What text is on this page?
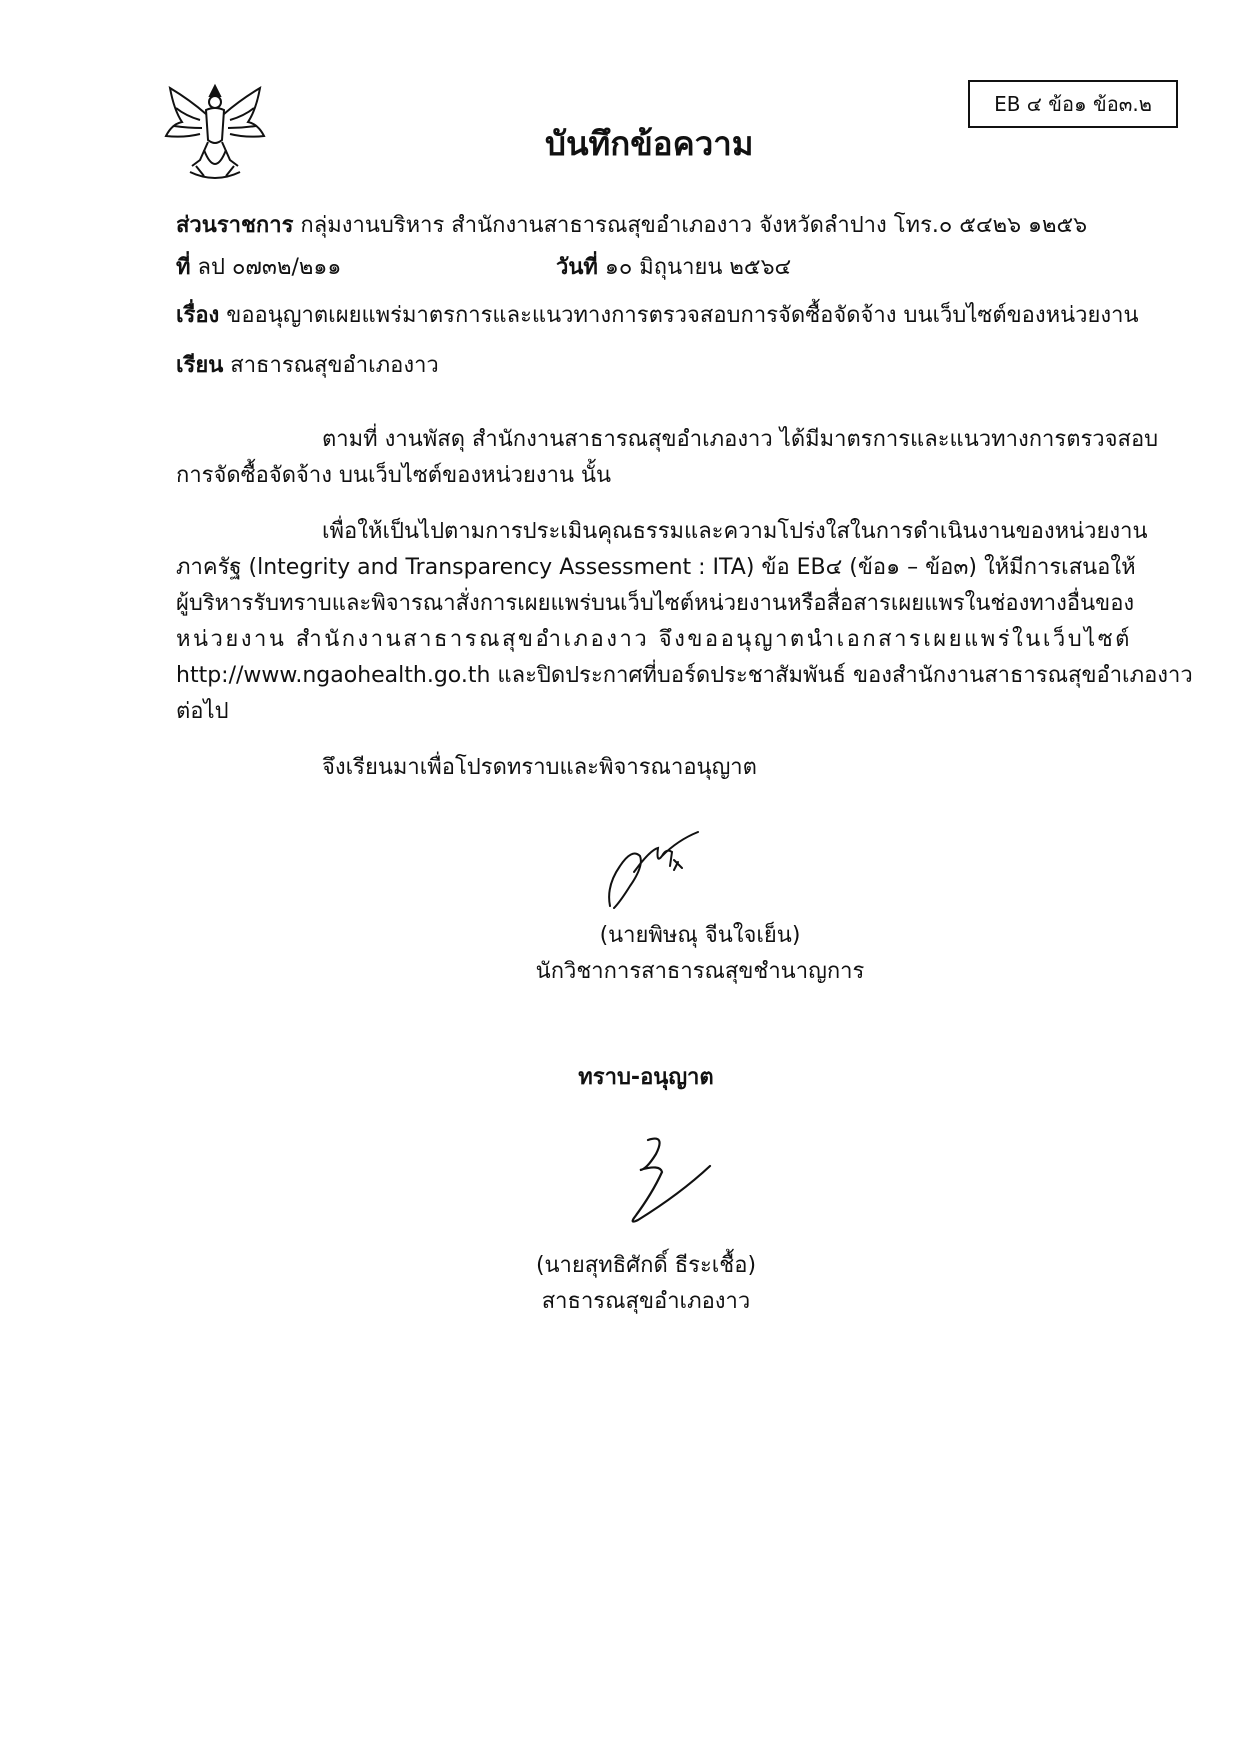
EB ๔ ข้อ๑ ข้อ๓.๒
บันทึกข้อความ
ส่วนราชการ กลุ่มงานบริหาร สำนักงานสาธารณสุขอำเภองาว จังหวัดลำปาง โทร.๐ ๕๔๒๖ ๑๒๕๖
ที่ ลป ๐๗๓๒/๒๑๑	วันที่ ๑๐ มิถุนายน ๒๕๖๔
เรื่อง ขออนุญาตเผยแพร่มาตรการและแนวทางการตรวจสอบการจัดซื้อจัดจ้าง บนเว็บไซต์ของหน่วยงาน
เรียน สาธารณสุขอำเภองาว
ตามที่ งานพัสดุ สำนักงานสาธารณสุขอำเภองาว ได้มีมาตรการและแนวทางการตรวจสอบ
การจัดซื้อจัดจ้าง บนเว็บไซต์ของหน่วยงาน นั้น
เพื่อให้เป็นไปตามการประเมินคุณธรรมและความโปร่งใสในการดำเนินงานของหน่วยงาน
ภาครัฐ (lntegrity and Transparency Assessment : ITA) ข้อ EB๔ (ข้อ๑ – ข้อ๓) ให้มีการเสนอให้
ผู้บริหารรับทราบและพิจารณาสั่งการเผยแพร่บนเว็บไซต์หน่วยงานหรือสื่อสารเผยแพรในช่องทางอื่นของ
หน่วยงาน สำนักงานสาธารณสุขอำเภองาว จึงขออนุญาตนำเอกสารเผยแพร่ในเว็บไซต์
http://www.ngaohealth.go.th และปิดประกาศที่บอร์ดประชาสัมพันธ์ ของสำนักงานสาธารณสุขอำเภองาว
ต่อไป
จึงเรียนมาเพื่อโปรดทราบและพิจารณาอนุญาต
(นายพิษณุ จีนใจเย็น)
นักวิชาการสาธารณสุขชำนาญการ
ทราบ-อนุญาต
(นายสุทธิศักดิ์ ธีระเชื้อ)
สาธารณสุขอำเภองาว
